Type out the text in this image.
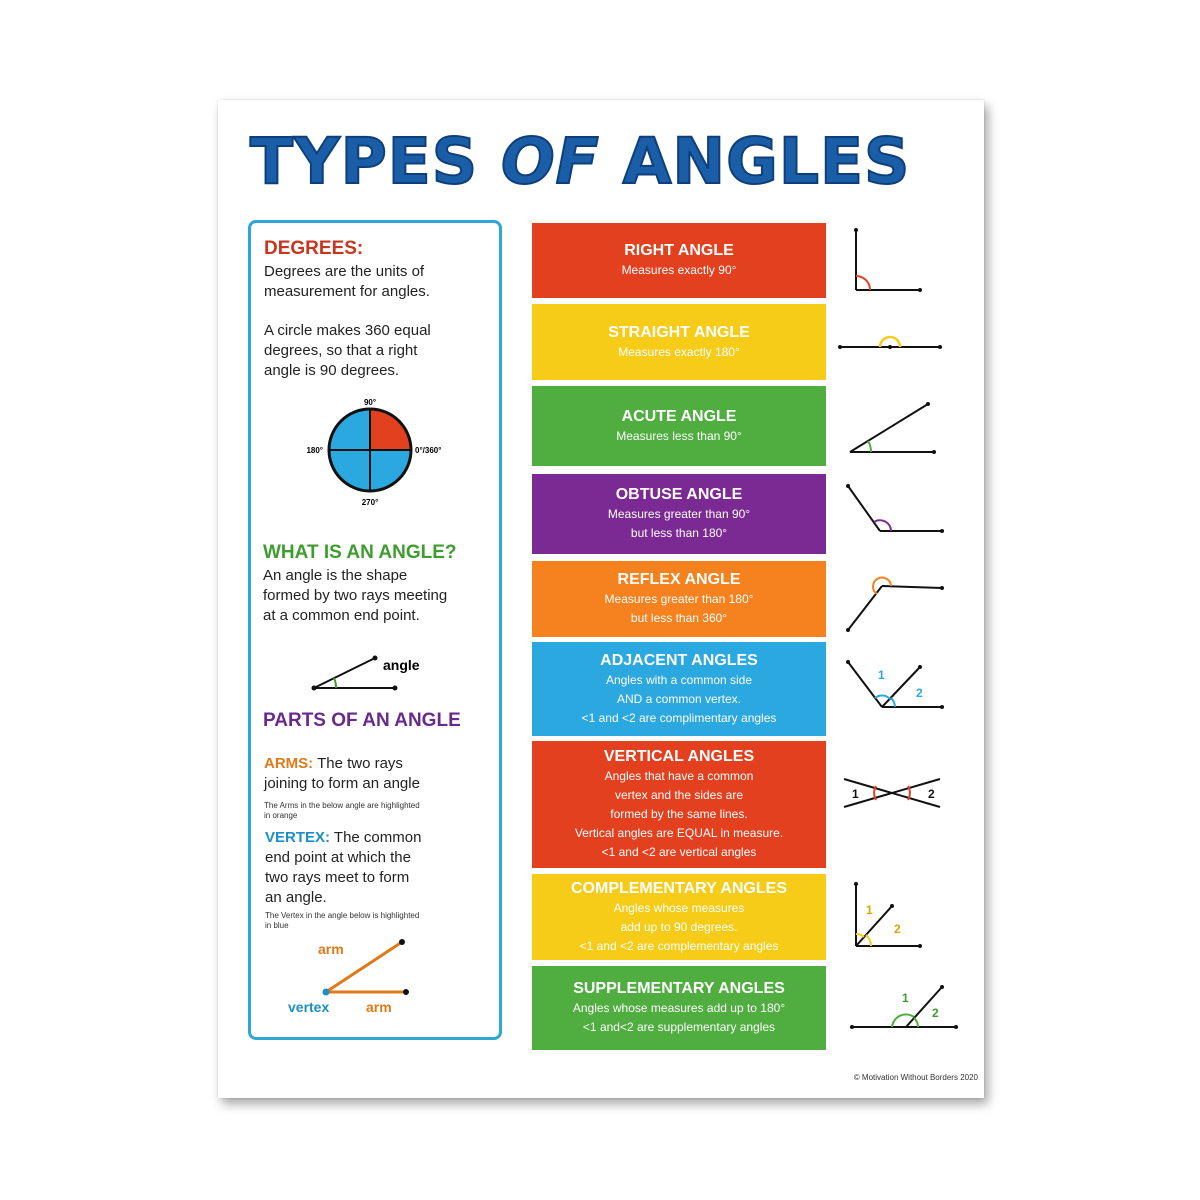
TYPES OF ANGLES

DEGREES:

Degrees are the units of

measurement for angles.

A circle makes 360 equal

degrees, so that a right

angle is 90 degrees.

90°
180°	0°/360°
270°

WHAT IS AN ANGLE?

An angle is the shape

formed by two rays meeting

at a common end point.

angle

PARTS OF AN ANGLE

ARMS: The two rays

joining to form an angle

The Arms in the below angle are highlighted

in orange

VERTEX: The common

end point at which the

two rays meet to form

an angle.

The Vertex in the angle below is highlighted

in blue

arm
arm
vertex
RIGHT ANGLE
Measures exactly 90°
STRAIGHT ANGLE
Measures exactly 180°
ACUTE ANGLE
Measures less than 90°
OBTUSE ANGLE
Measures greater than 90°
but less than 180°
REFLEX ANGLE
Measures greater than 180°
but less than 360°
ADJACENT ANGLES
Angles with a common side
AND a common vertex.
<1 and <2 are complimentary angles
VERTICAL ANGLES
Angles that have a common
vertex and the sides are
formed by the same lines.
Vertical angles are EQUAL in measure.
<1 and <2 are vertical angles
COMPLEMENTARY ANGLES
Angles whose measures
add up to 90 degrees.
<1 and <2 are complementary angles
SUPPLEMENTARY ANGLES
Angles whose measures add up to 180°
<1 and<2 are supplementary angles
1
2
1	2
1
2
1
2

© Motivation Without Borders 2020
